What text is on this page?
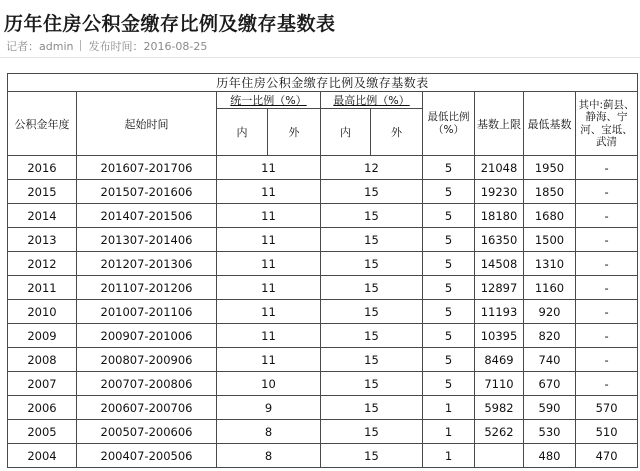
历年住房公积金缴存比例及缴存基数表
记者：admin 发布时间：2016-08-25
历年住房公积金缴存比例及缴存基数表									
公积金年度	起始时间	统一比例（%）		最高比例（%）		最低比例（%）	基数上限	最低基数	其中:蓟县、静海、宁河、宝坻、武清
		内	外	内	外				
2016	201607-201706	11		12		5	21048	1950	-
2015	201507-201606	11		15		5	19230	1850	-
2014	201407-201506	11		15		5	18180	1680	-
2013	201307-201406	11		15		5	16350	1500	-
2012	201207-201306	11		15		5	14508	1310	-
2011	201107-201206	11		15		5	12897	1160	-
2010	201007-201106	11		15		5	11193	920	-
2009	200907-201006	11		15		5	10395	820	-
2008	200807-200906	11		15		5	8469	740	-
2007	200707-200806	10		15		5	7110	670	-
2006	200607-200706	9		15		1	5982	590	570
2005	200507-200606	8		15		1	5262	530	510
2004	200407-200506	8		15		1		480	470
